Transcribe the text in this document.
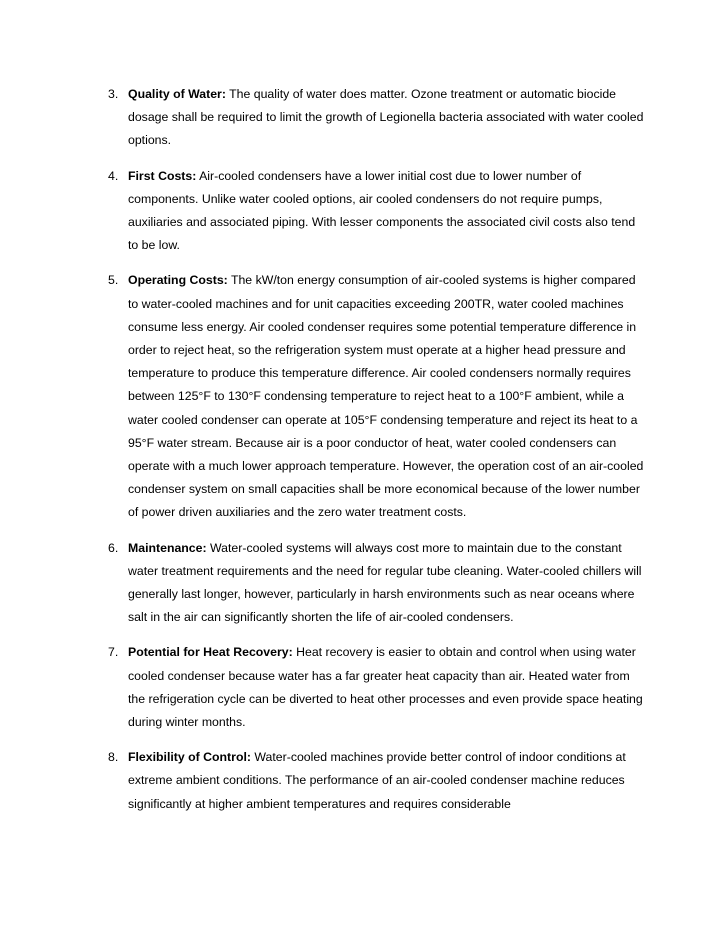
3. Quality of Water: The quality of water does matter. Ozone treatment or automatic biocide dosage shall be required to limit the growth of Legionella bacteria associated with water cooled options.
4. First Costs: Air-cooled condensers have a lower initial cost due to lower number of components. Unlike water cooled options, air cooled condensers do not require pumps, auxiliaries and associated piping. With lesser components the associated civil costs also tend to be low.
5. Operating Costs: The kW/ton energy consumption of air-cooled systems is higher compared to water-cooled machines and for unit capacities exceeding 200TR, water cooled machines consume less energy. Air cooled condenser requires some potential temperature difference in order to reject heat, so the refrigeration system must operate at a higher head pressure and temperature to produce this temperature difference. Air cooled condensers normally requires between 125°F to 130°F condensing temperature to reject heat to a 100°F ambient, while a water cooled condenser can operate at 105°F condensing temperature and reject its heat to a 95°F water stream. Because air is a poor conductor of heat, water cooled condensers can operate with a much lower approach temperature. However, the operation cost of an air-cooled condenser system on small capacities shall be more economical because of the lower number of power driven auxiliaries and the zero water treatment costs.
6. Maintenance: Water-cooled systems will always cost more to maintain due to the constant water treatment requirements and the need for regular tube cleaning. Water-cooled chillers will generally last longer, however, particularly in harsh environments such as near oceans where salt in the air can significantly shorten the life of air-cooled condensers.
7. Potential for Heat Recovery: Heat recovery is easier to obtain and control when using water cooled condenser because water has a far greater heat capacity than air. Heated water from the refrigeration cycle can be diverted to heat other processes and even provide space heating during winter months.
8. Flexibility of Control: Water-cooled machines provide better control of indoor conditions at extreme ambient conditions. The performance of an air-cooled condenser machine reduces significantly at higher ambient temperatures and requires considerable
